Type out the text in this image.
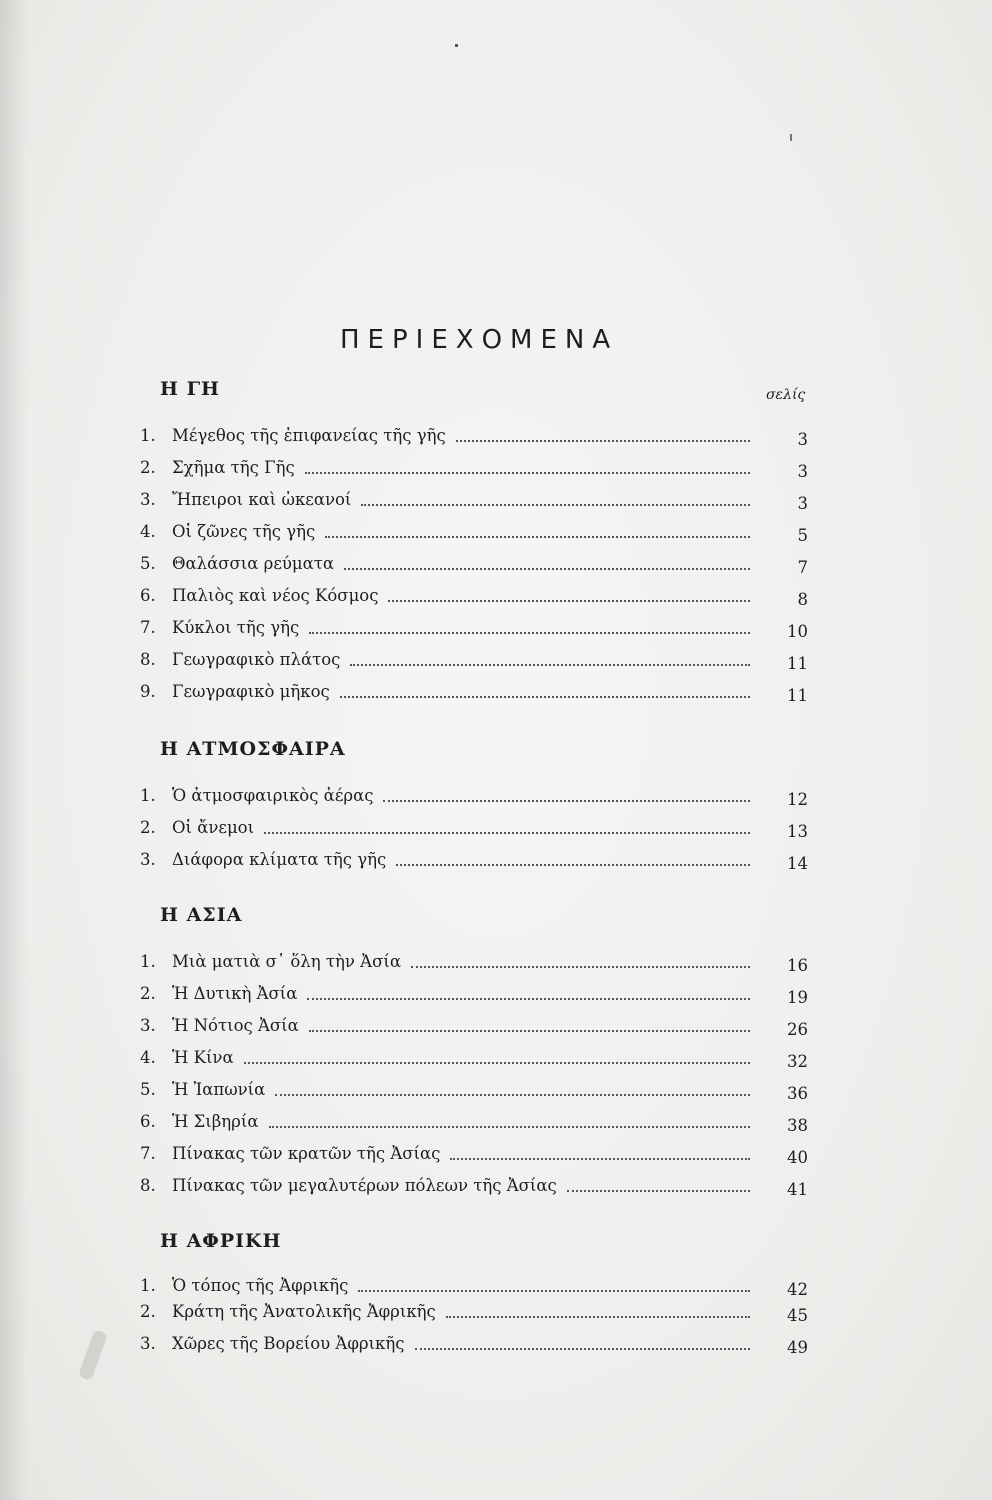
ΠΕΡΙΕΧΟΜΕΝΑ
σελίς
Η ΓΗ
1. Μέγεθος τῆς ἐπιφανείας τῆς γῆς	3
2. Σχῆμα τῆς Γῆς	3
3. Ἤπειροι καὶ ὠκεανοί	3
4. Οἱ ζῶνες τῆς γῆς	5
5. Θαλάσσια ρεύματα	7
6. Παλιὸς καὶ νέος Κόσμος	8
7. Κύκλοι τῆς γῆς	10
8. Γεωγραφικὸ πλάτος	11
9. Γεωγραφικὸ μῆκος	11
Η ΑΤΜΟΣΦΑΙΡΑ
1. Ὁ ἀτμοσφαιρικὸς ἀέρας	12
2. Οἱ ἄνεμοι	13
3. Διάφορα κλίματα τῆς γῆς	14
Η ΑΣΙΑ
1. Μιὰ ματιὰ σ᾽ ὅλη τὴν Ἀσία	16
2. Ἡ Δυτικὴ Ἀσία	19
3. Ἡ Νότιος Ἀσία	26
4. Ἡ Κίνα	32
5. Ἡ Ἰαπωνία	36
6. Ἡ Σιβηρία	38
7. Πίνακας τῶν κρατῶν τῆς Ἀσίας	40
8. Πίνακας τῶν μεγαλυτέρων πόλεων τῆς Ἀσίας	41
Η ΑΦΡΙΚΗ
1. Ὁ τόπος τῆς Ἀφρικῆς	42
2. Κράτη τῆς Ἀνατολικῆς Ἀφρικῆς	45
3. Χῶρες τῆς Βορείου Ἀφρικῆς	49
